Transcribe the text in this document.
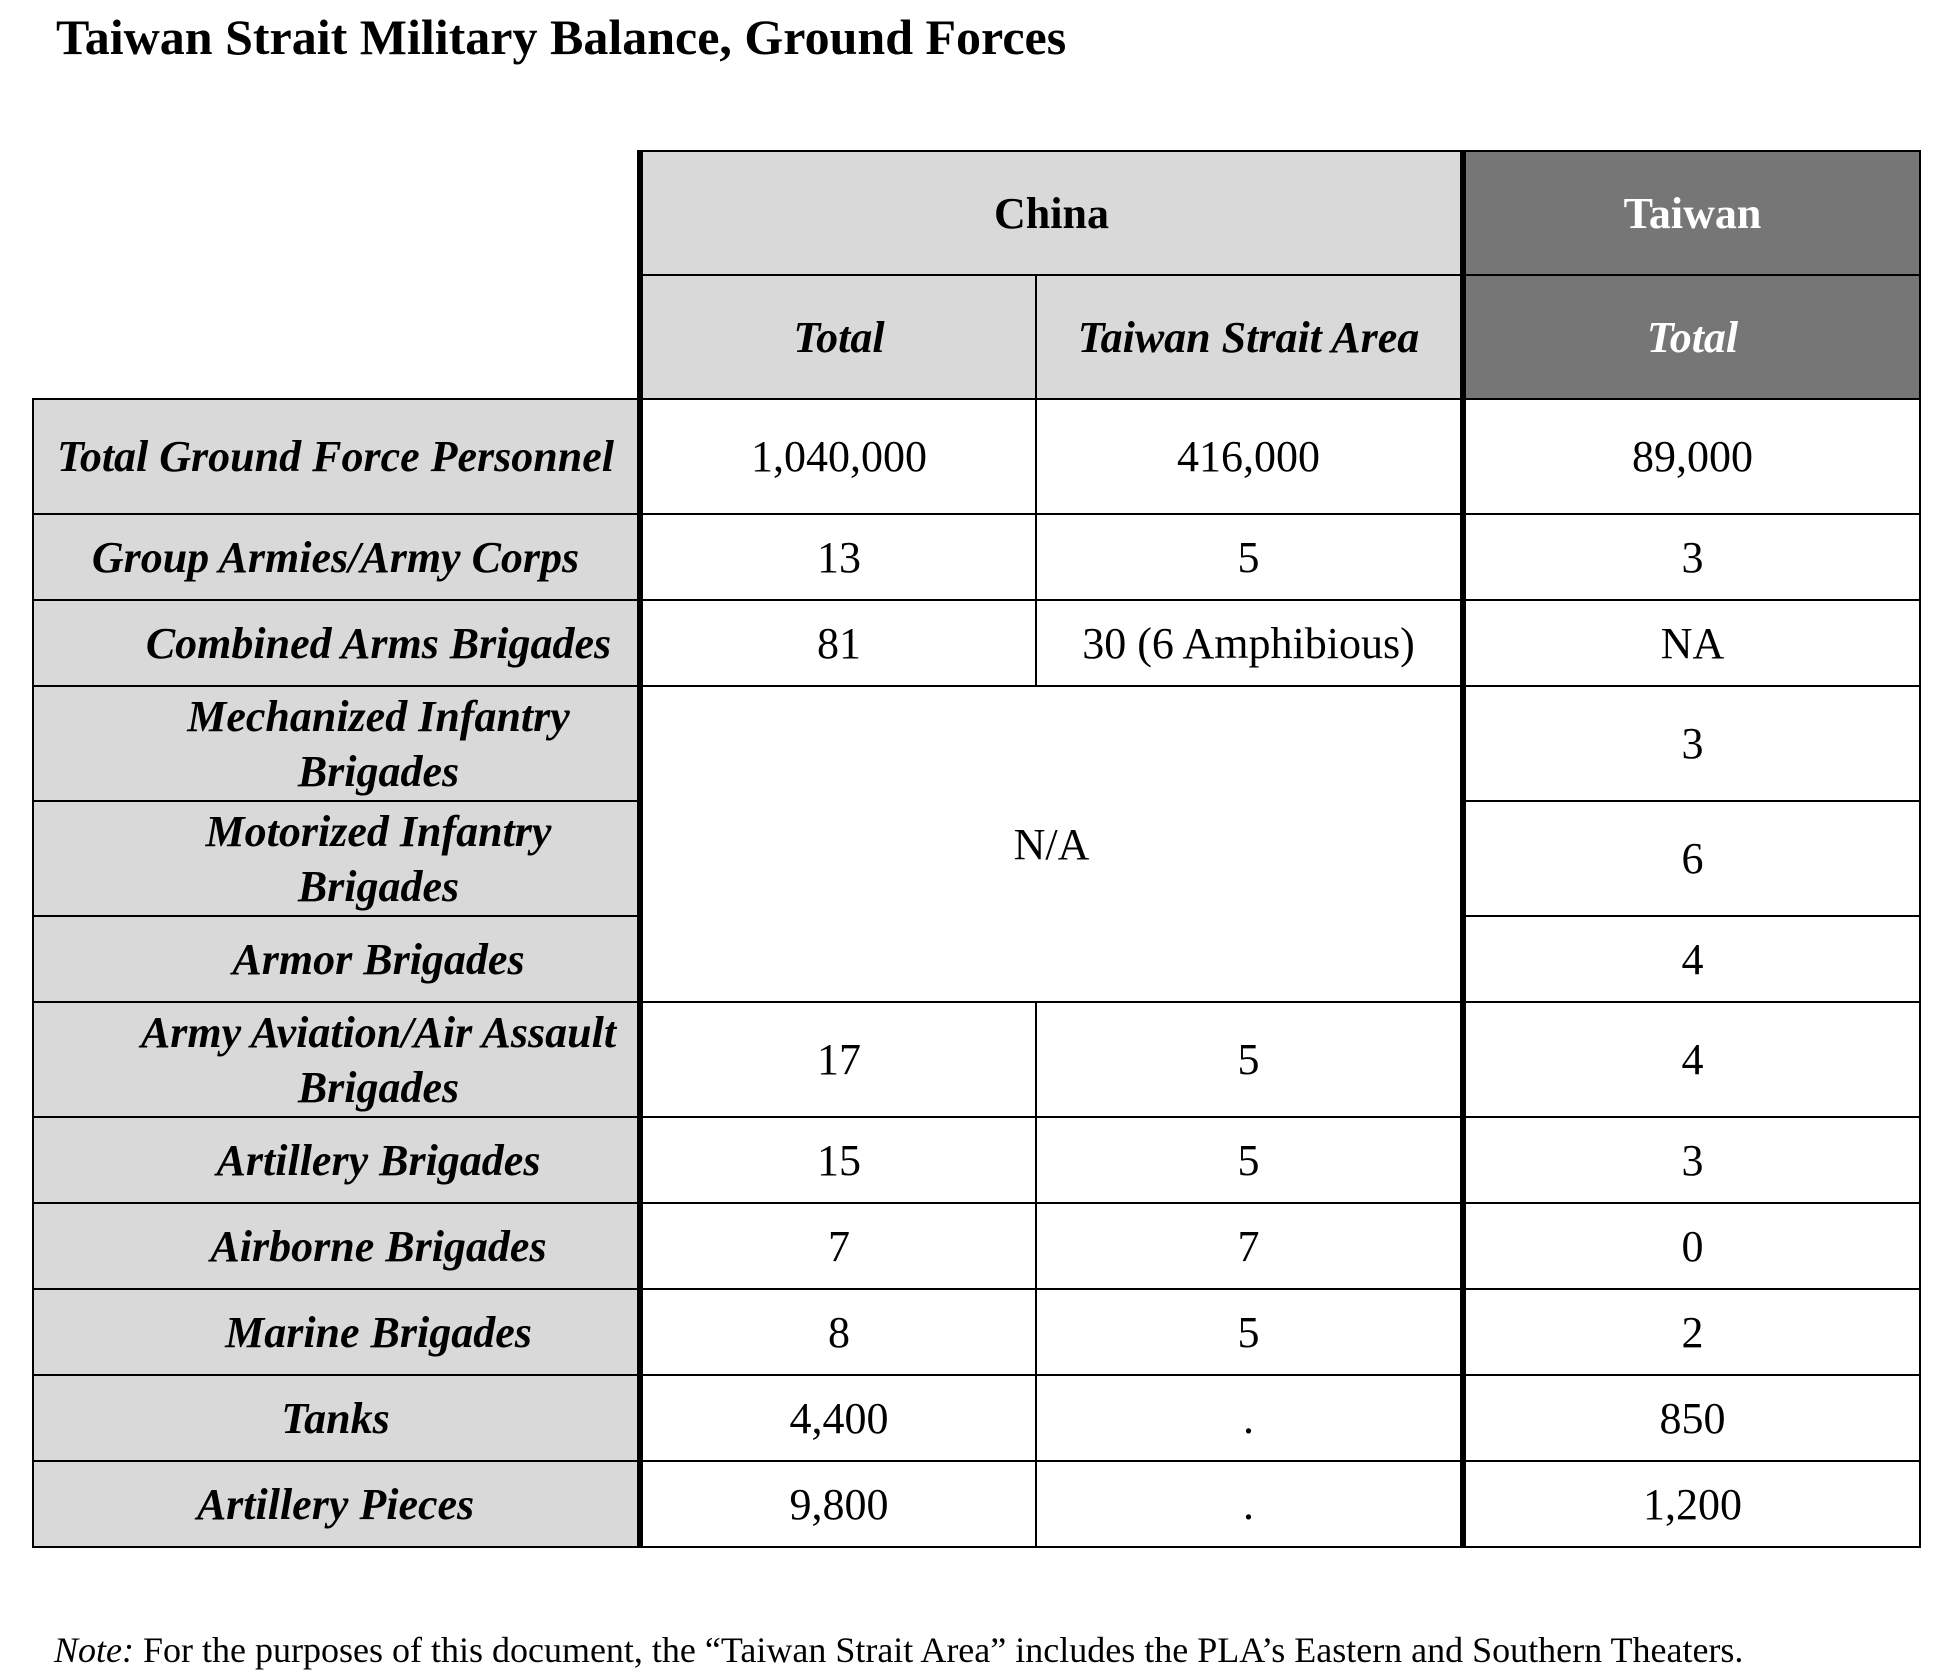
Taiwan Strait Military Balance, Ground Forces
	China		Taiwan
	Total	Taiwan Strait Area	Total
Total Ground Force Personnel	1,040,000	416,000	89,000
Group Armies/Army Corps	13	5	3
Combined Arms Brigades	81	30 (6 Amphibious)	NA
Mechanized Infantry Brigades	N/A		3
Motorized Infantry Brigades			6
Armor Brigades			4
Army Aviation/Air Assault Brigades	17	5	4
Artillery Brigades	15	5	3
Airborne Brigades	7	7	0
Marine Brigades	8	5	2
Tanks	4,400	.	850
Artillery Pieces	9,800	.	1,200
Note: For the purposes of this document, the “Taiwan Strait Area” includes the PLA’s Eastern and Southern Theaters.
